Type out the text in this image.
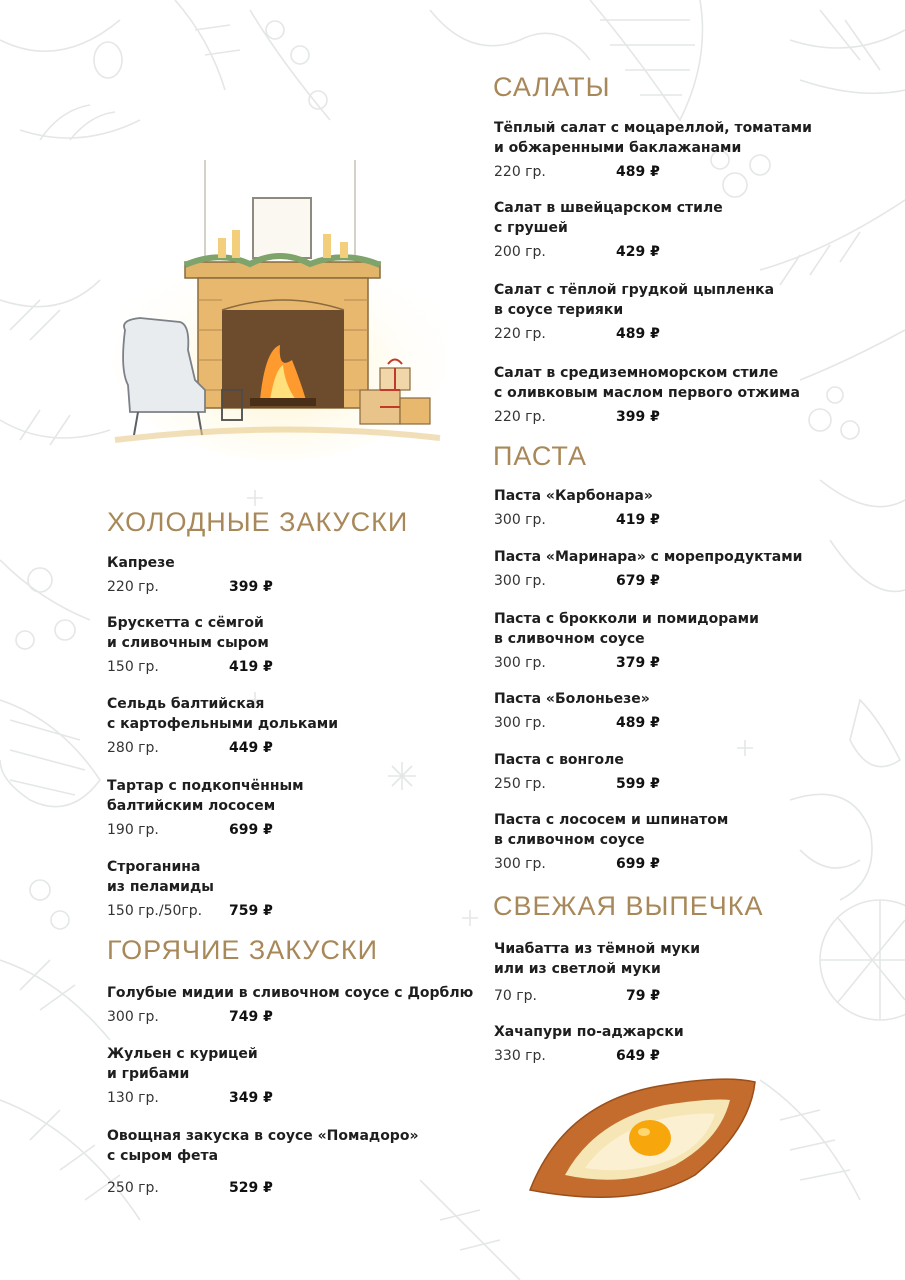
ХОЛОДНЫЕ ЗАКУСКИ
Капрезе
220 гр.	399 ₽
Брускетта с сёмгой
и сливочным сыром
150 гр.	419 ₽
Сельдь балтийская
с картофельными дольками
280 гр.	449 ₽
Тартар с подкопчённым
балтийским лососем
190 гр.	699 ₽
Строганина
из пеламиды
150 гр./50гр. 759 ₽
ГОРЯЧИЕ ЗАКУСКИ
Голубые мидии в сливочном соусе с Дорблю
300 гр.	749 ₽
Жульен с курицей
и грибами
130 гр.	349 ₽
Овощная закуска в соусе «Помадоро»
с сыром фета
250 гр.	529 ₽
САЛАТЫ
Тёплый салат с моцареллой, томатами
и обжаренными баклажанами
220 гр.	489 ₽
Салат в швейцарском стиле
с грушей
200 гр.	429 ₽
Салат с тёплой грудкой цыпленка
в соусе терияки
220 гр.	489 ₽
Салат в средиземноморском стиле
с оливковым маслом первого отжима
220 гр.	399 ₽
ПАСТА
Паста «Карбонара»
300 гр.	419 ₽
Паста «Маринара» с морепродуктами
300 гр.	679 ₽
Паста с брокколи и помидорами
в сливочном соусе
300 гр.	379 ₽
Паста «Болоньезе»
300 гр.	489 ₽
Паста с вонголе
250 гр.	599 ₽
Паста с лососем и шпинатом
в сливочном соусе
300 гр.	699 ₽
СВЕЖАЯ ВЫПЕЧКА
Чиабатта из тёмной муки
или из светлой муки
70 гр.	79 ₽
Хачапури по-аджарски
330 гр.	649 ₽
